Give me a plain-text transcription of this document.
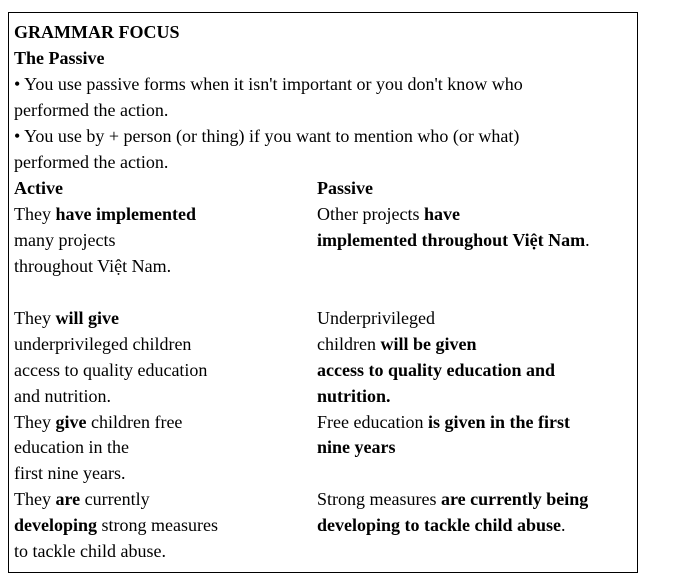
GRAMMAR FOCUS
The Passive
• You use passive forms when it isn't important or you don't know who
performed the action.
• You use by + person (or thing) if you want to mention who (or what)
performed the action.
Active	Passive
They have implemented
many projects
throughout Việt Nam.
Other projects have
implemented throughout Việt Nam.
They will give
underprivileged children
access to quality education
and nutrition.
Underprivileged
children will be given
access to quality education and
nutrition.
They give children free
education in the
first nine years.
Free education is given in the first
nine years
They are currently
developing strong measures
to tackle child abuse.
Strong measures are currently being
developing to tackle child abuse.
